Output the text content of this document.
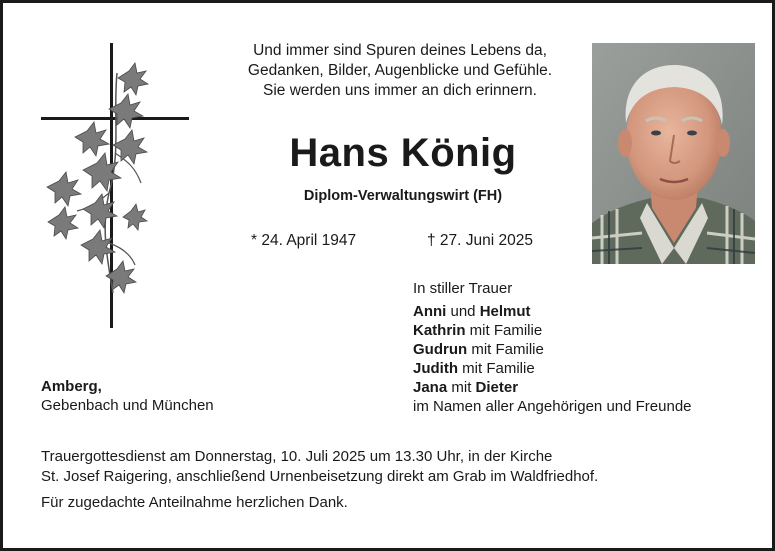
Und immer sind Spuren deines Lebens da,
Gedanken, Bilder, Augenblicke und Gefühle.
Sie werden uns immer an dich erinnern.
Hans König
Diplom-Verwaltungswirt (FH)
* 24. April 1947	† 27. Juni 2025
In stiller Trauer
Anni und Helmut
Kathrin mit Familie
Gudrun mit Familie
Judith mit Familie
Jana mit Dieter
im Namen aller Angehörigen und Freunde
Amberg,
Gebenbach und München
Trauergottesdienst am Donnerstag, 10. Juli 2025 um 13.30 Uhr, in der Kirche
St. Josef Raigering, anschließend Urnenbeisetzung direkt am Grab im Waldfriedhof.
Für zugedachte Anteilnahme herzlichen Dank.
